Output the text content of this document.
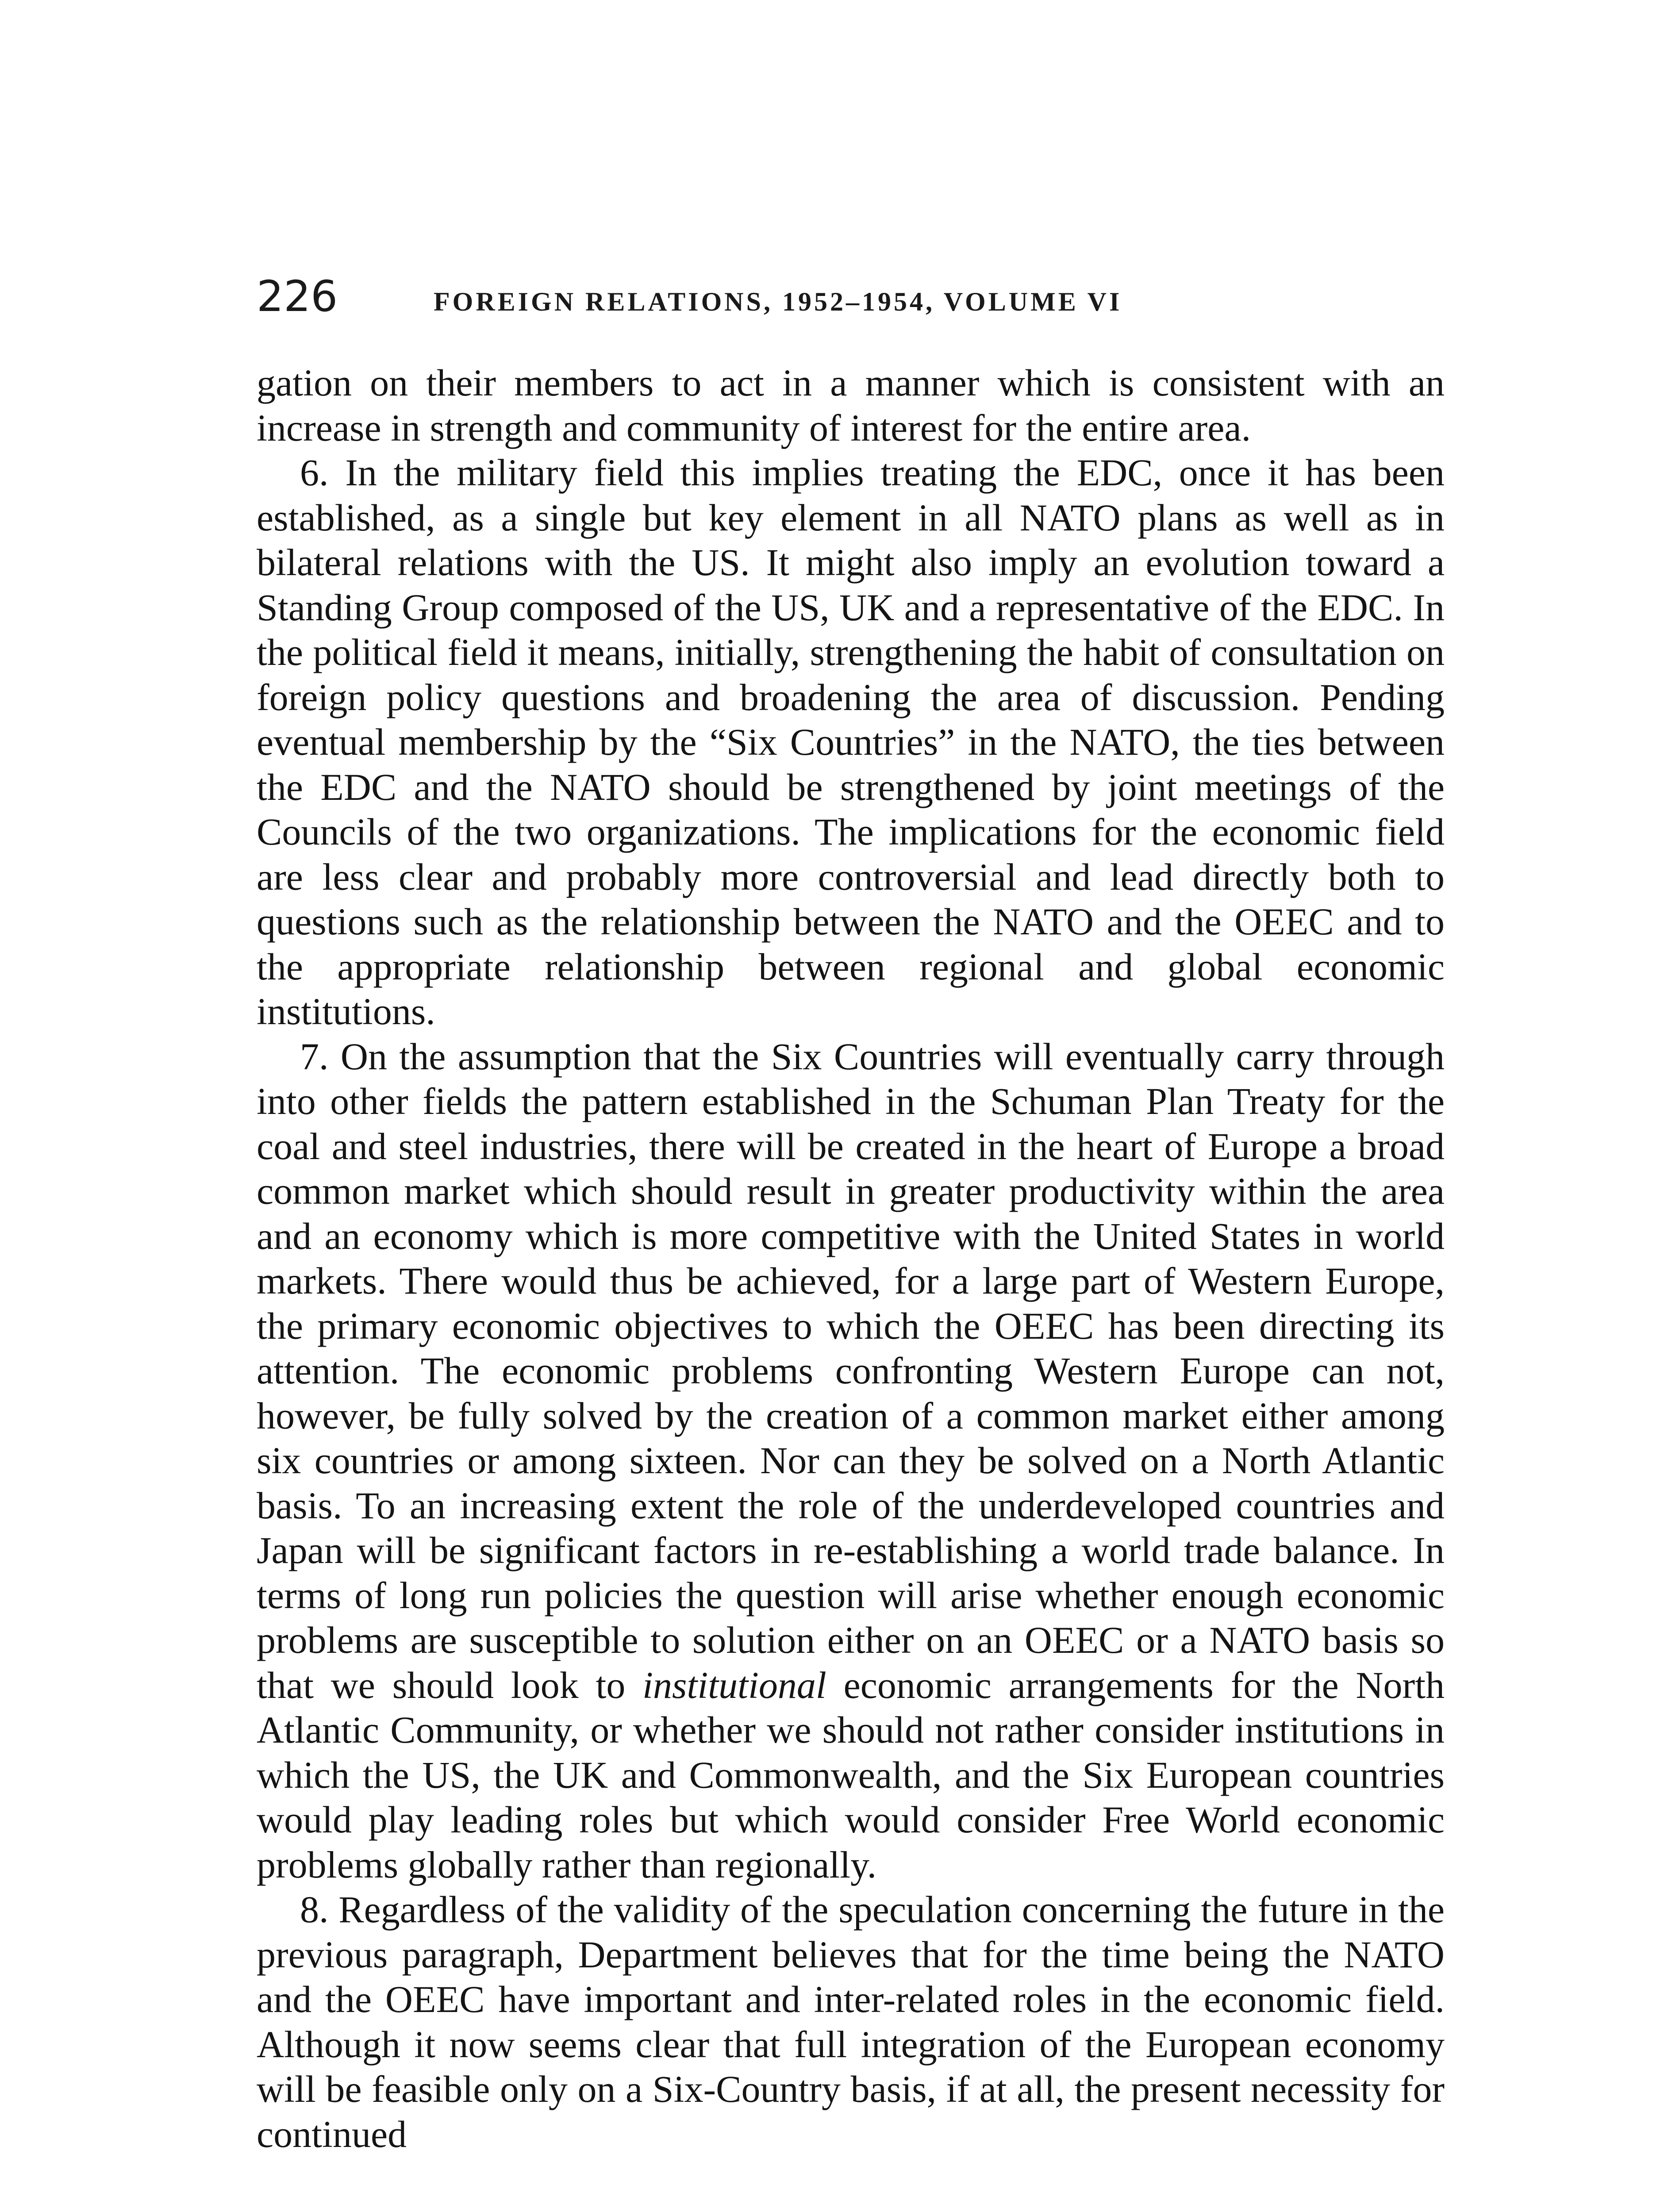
226	FOREIGN RELATIONS, 1952–1954, VOLUME VI

gation on their members to act in a manner which is consistent with an increase in strength and community of interest for the entire area.

6. In the military field this implies treating the EDC, once it has been established, as a single but key element in all NATO plans as well as in bilateral relations with the US. It might also imply an evolution toward a Standing Group composed of the US, UK and a representative of the EDC. In the political field it means, initially, strengthening the habit of consultation on foreign policy questions and broadening the area of discussion. Pending eventual membership by the “Six Countries” in the NATO, the ties between the EDC and the NATO should be strengthened by joint meetings of the Councils of the two organizations. The implications for the economic field are less clear and probably more controversial and lead directly both to questions such as the relationship between the NATO and the OEEC and to the appropriate relationship between regional and global economic institutions.

7. On the assumption that the Six Countries will eventually carry through into other fields the pattern established in the Schuman Plan Treaty for the coal and steel industries, there will be created in the heart of Europe a broad common market which should result in greater productivity within the area and an economy which is more competitive with the United States in world markets. There would thus be achieved, for a large part of Western Europe, the primary economic objectives to which the OEEC has been directing its attention. The economic problems confronting Western Europe can not, however, be fully solved by the creation of a common market either among six countries or among sixteen. Nor can they be solved on a North Atlantic basis. To an increasing extent the role of the underdeveloped countries and Japan will be significant factors in re-establishing a world trade balance. In terms of long run policies the question will arise whether enough economic problems are susceptible to solution either on an OEEC or a NATO basis so that we should look to institutional economic arrangements for the North Atlantic Community, or whether we should not rather consider institutions in which the US, the UK and Commonwealth, and the Six European countries would play leading roles but which would consider Free World economic problems globally rather than regionally.

8. Regardless of the validity of the speculation concerning the future in the previous paragraph, Department believes that for the time being the NATO and the OEEC have important and inter-related roles in the economic field. Although it now seems clear that full integration of the European economy will be feasible only on a Six-Country basis, if at all, the present necessity for continued
